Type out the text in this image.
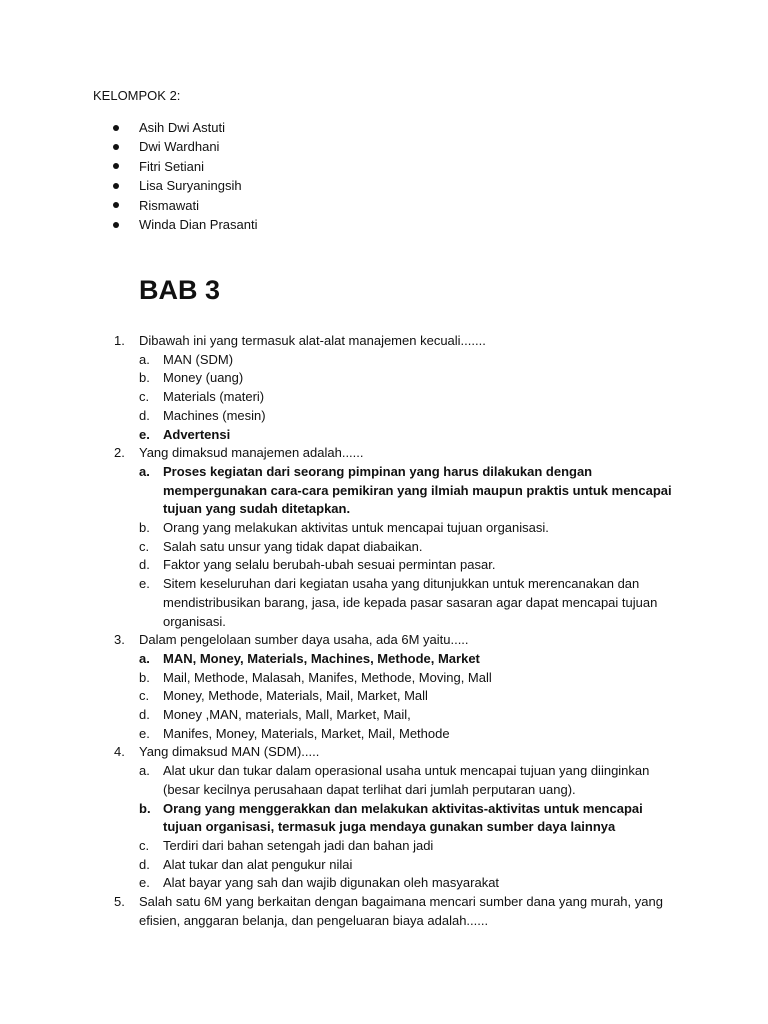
KELOMPOK 2:
Asih Dwi Astuti
Dwi Wardhani
Fitri Setiani
Lisa Suryaningsih
Rismawati
Winda Dian Prasanti
BAB 3
1.	Dibawah ini yang termasuk alat-alat manajemen kecuali.......
a.	MAN (SDM)
b.	Money (uang)
c.	Materials (materi)
d.	Machines (mesin)
e.	Advertensi
2.	Yang dimaksud manajemen adalah......
a.	Proses kegiatan dari seorang pimpinan yang harus dilakukan dengan mempergunakan cara-cara pemikiran yang ilmiah maupun praktis untuk mencapai tujuan yang sudah ditetapkan.
b.	Orang yang melakukan aktivitas untuk mencapai tujuan organisasi.
c.	Salah satu unsur yang tidak dapat diabaikan.
d.	Faktor yang selalu berubah-ubah sesuai permintan pasar.
e.	Sitem keseluruhan dari kegiatan usaha yang ditunjukkan untuk merencanakan dan mendistribusikan barang, jasa, ide kepada pasar sasaran agar dapat mencapai tujuan organisasi.
3.	Dalam pengelolaan sumber daya usaha, ada 6M yaitu.....
a.	MAN, Money, Materials, Machines, Methode, Market
b.	Mail, Methode, Malasah, Manifes, Methode, Moving, Mall
c.	Money, Methode, Materials, Mail, Market, Mall
d.	Money ,MAN, materials, Mall, Market, Mail,
e.	Manifes, Money, Materials, Market, Mail, Methode
4.	Yang dimaksud MAN (SDM).....
a.	Alat ukur dan tukar dalam operasional usaha untuk mencapai tujuan yang diinginkan (besar kecilnya perusahaan dapat terlihat dari jumlah perputaran uang).
b. Orang yang menggerakkan dan melakukan aktivitas-aktivitas untuk mencapai tujuan organisasi, termasuk juga mendaya gunakan sumber daya lainnya
c.	Terdiri dari bahan setengah jadi dan bahan jadi
d.	Alat tukar dan alat pengukur nilai
e.	Alat bayar yang sah dan wajib digunakan oleh masyarakat
5.	Salah satu 6M yang berkaitan dengan bagaimana mencari sumber dana yang murah, yang efisien, anggaran belanja, dan pengeluaran biaya adalah......
